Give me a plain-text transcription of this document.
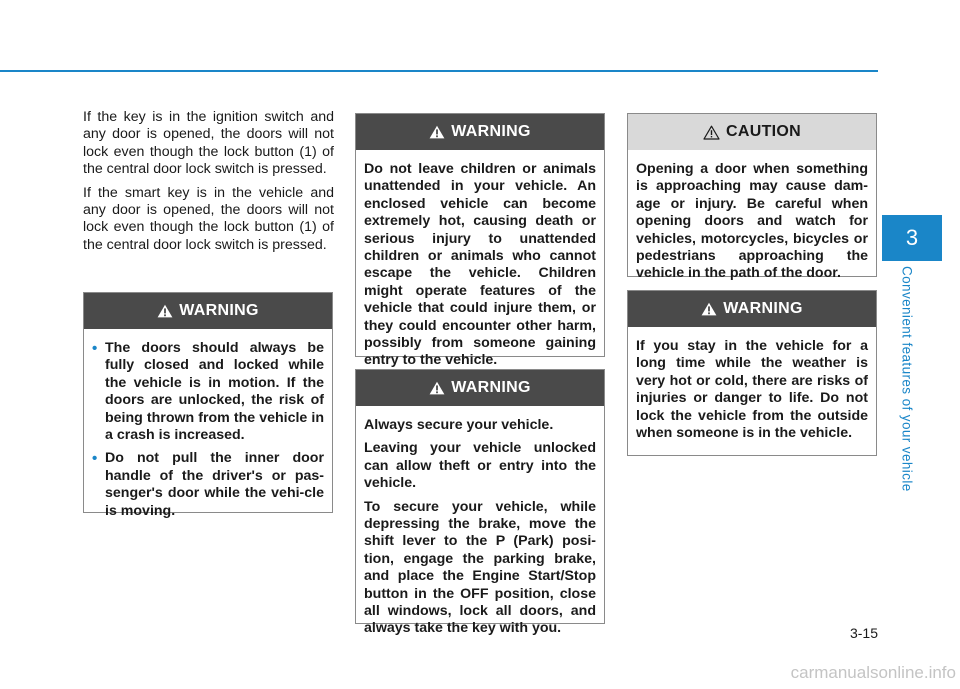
If the key is in the ignition switch and any door is opened, the doors will not lock even though the lock button (1) of the central door lock switch is pressed.

If the smart key is in the vehicle and any door is opened, the doors will not lock even though the lock button (1) of the central door lock switch is pressed.

WARNING
• The doors should always be fully closed and locked while the vehicle is in motion. If the doors are unlocked, the risk of being thrown from the vehicle in a crash is increased.
• Do not pull the inner door handle of the driver's or pas-senger's door while the vehi-cle is moving.
WARNING

Do not leave children or animals unattended in your vehicle. An enclosed vehicle can become extremely hot, causing death or serious injury to unattended children or animals who cannot escape the vehicle. Children might operate features of the vehicle that could injure them, or they could encounter other harm, possibly from someone gaining entry to the vehicle.

WARNING

Always secure your vehicle.

Leaving your vehicle unlocked can allow theft or entry into the vehicle.

To secure your vehicle, while depressing the brake, move the shift lever to the P (Park) posi-tion, engage the parking brake, and place the Engine Start/Stop button in the OFF position, close all windows, lock all doors, and always take the key with you.

CAUTION

Opening a door when something is approaching may cause dam-age or injury. Be careful when opening doors and watch for vehicles, motorcycles, bicycles or pedestrians approaching the vehicle in the path of the door.

WARNING

If you stay in the vehicle for a long time while the weather is very hot or cold, there are risks of injuries or danger to life. Do not lock the vehicle from the outside when someone is in the vehicle.

3
Convenient features of your vehicle
3-15
carmanualsonline.info
